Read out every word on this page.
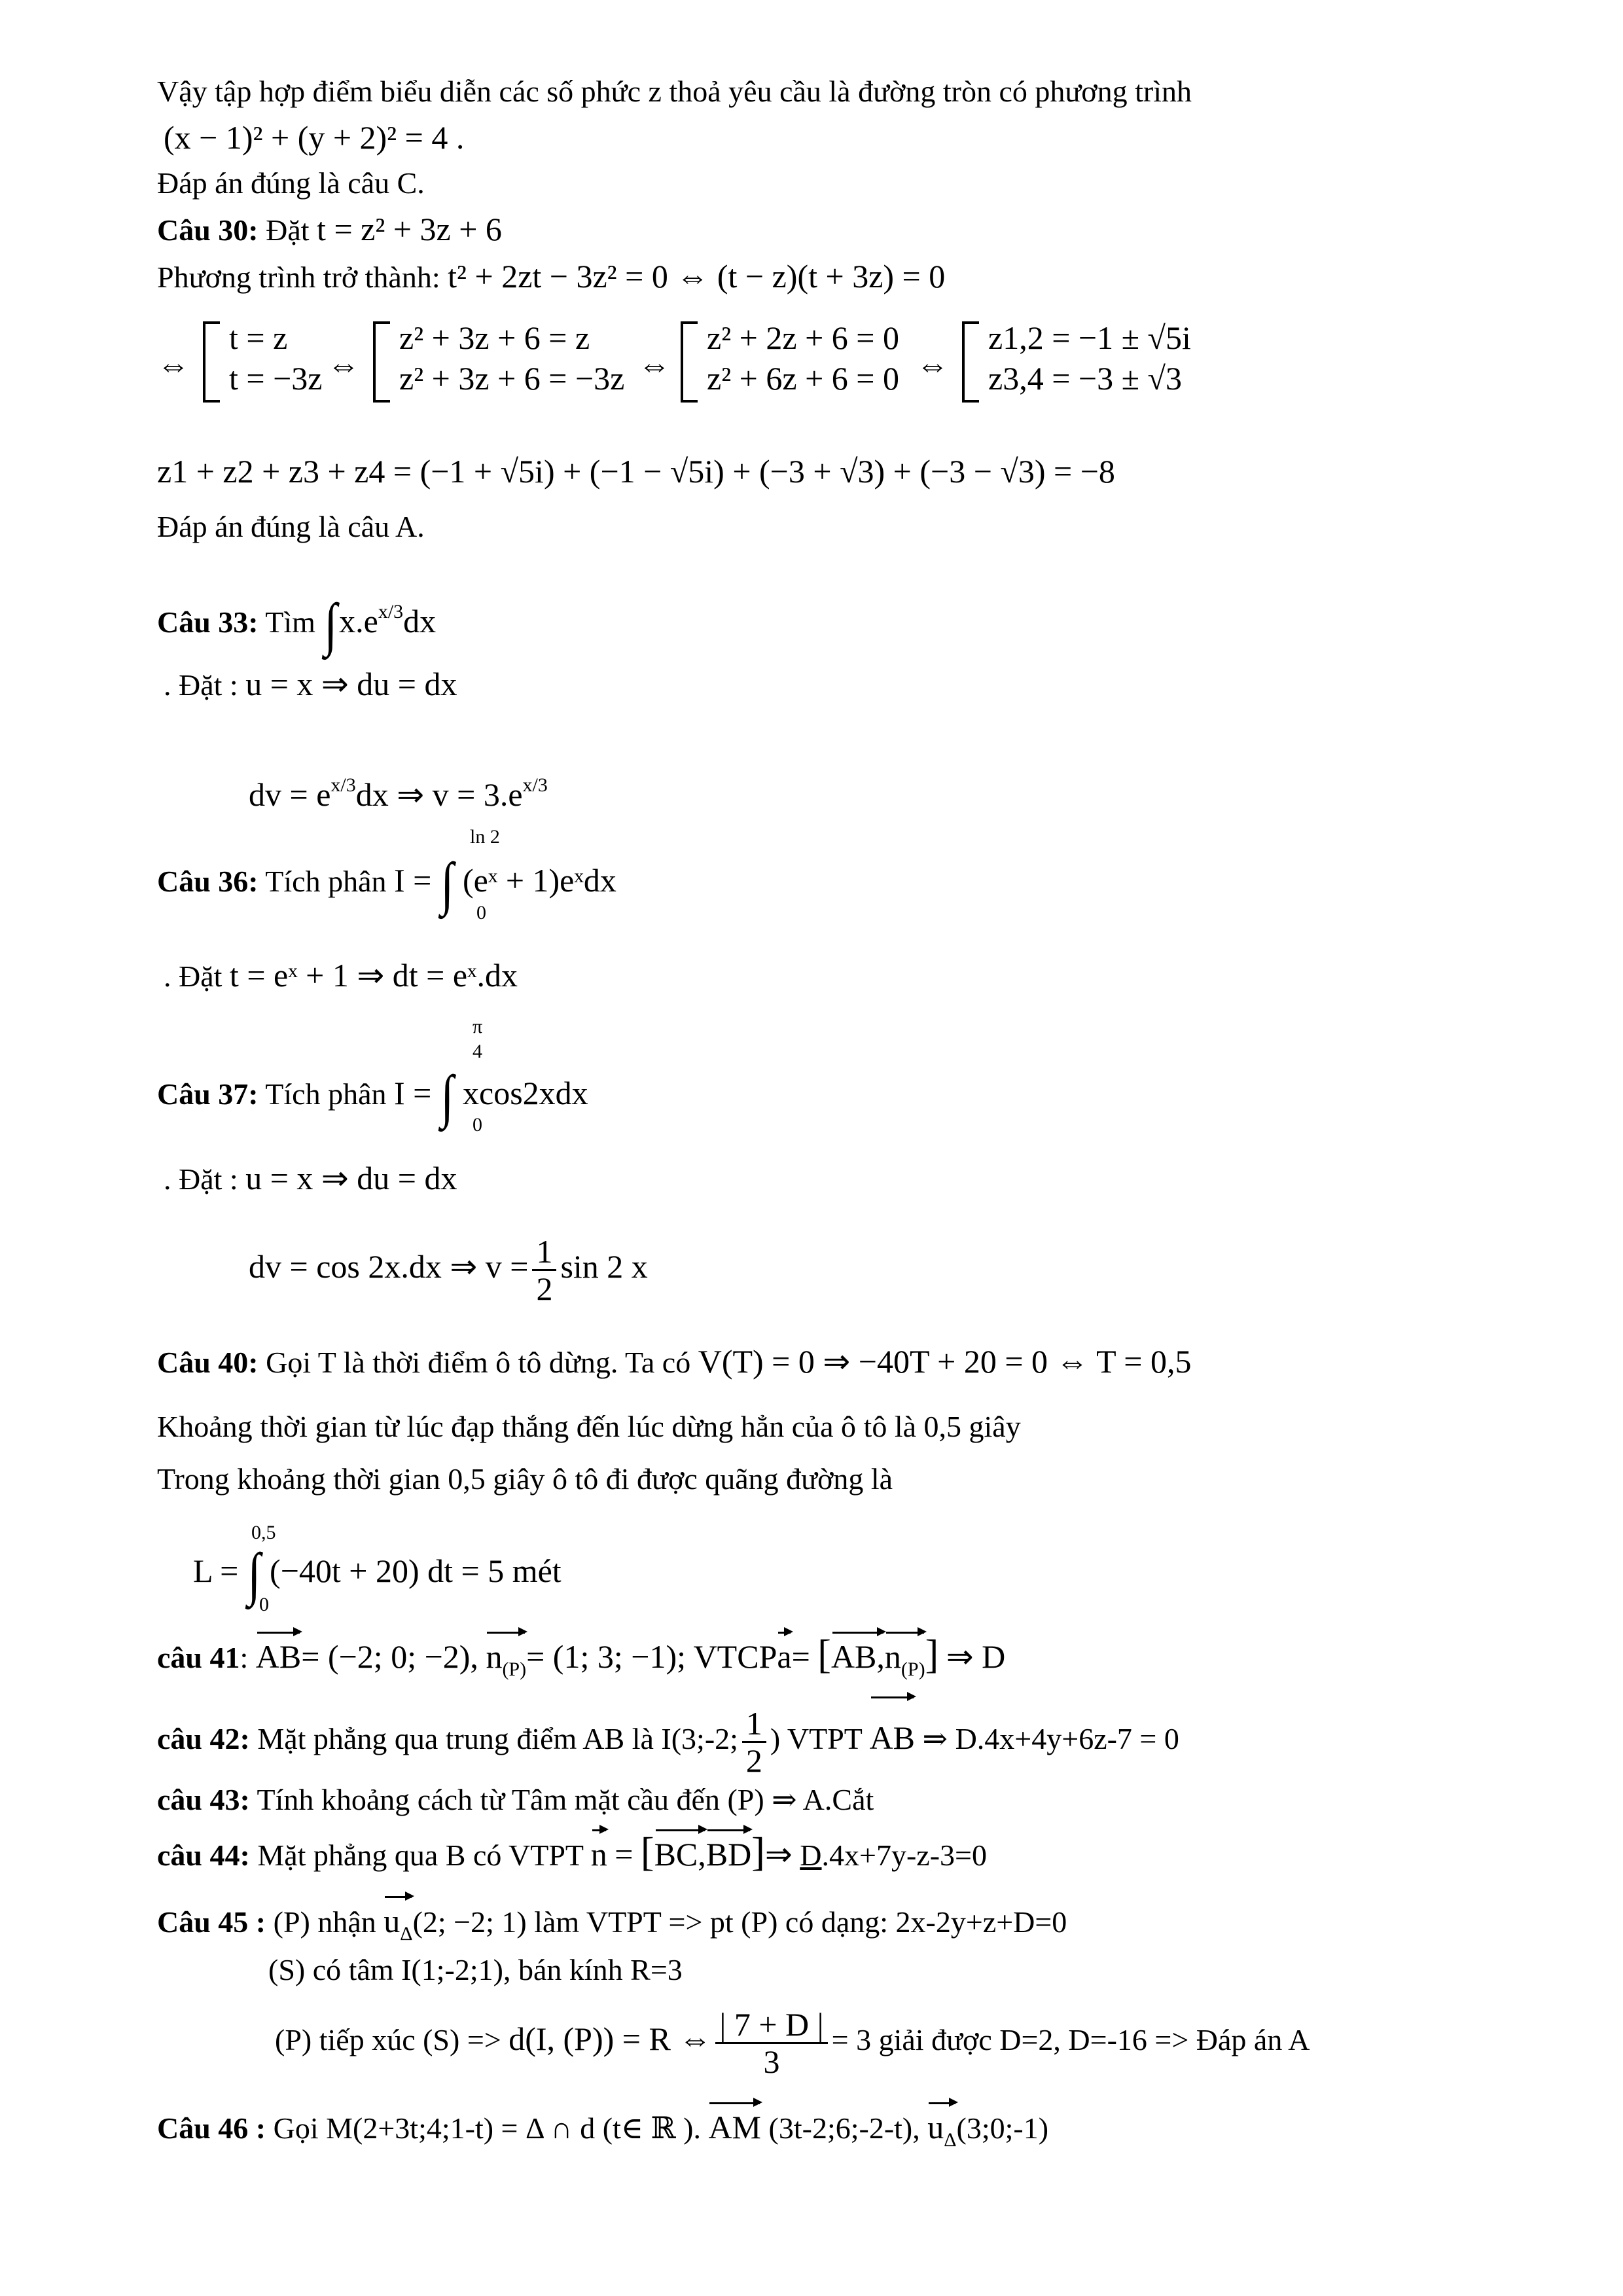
Vậy tập hợp điểm biểu diễn các số phức z thoả yêu cầu là đường tròn có phương trình
(x − 1)² + (y + 2)² = 4 .
Đáp án đúng là câu C.
Câu 30: Đặt t = z² + 3z + 6
Phương trình trở thành: t² + 2zt − 3z² = 0 ⇔ (t − z)(t + 3z) = 0
⇔
t = z
t = −3z ⇔
z² + 3z + 6 = z
z² + 3z + 6 = −3z ⇔
z² + 2z + 6 = 0
z² + 6z + 6 = 0 ⇔
z1,2 = −1 ± √5i
z3,4 = −3 ± √3
z1 + z2 + z3 + z4 = (−1 + √5i) + (−1 − √5i) + (−3 + √3) + (−3 − √3) = −8
Đáp án đúng là câu A.
Câu 33: Tìm $\int x.e^{x/3}dx$
. Đặt : u = x ⇒ du = dx
dv = $e^{x/3}dx$ ⇒ $v = 3.e^{x/3}$
ln 2
Câu 36: Tích phân I = ∫ (eˣ + 1)eˣdx
0
. Đặt t = eˣ + 1 ⇒ dt = eˣ.dx
π
4
Câu 37: Tích phân I = ∫ xcos2xdx
0
. Đặt : u = x ⇒ du = dx
dv = cos 2x.dx ⇒ $v = \frac{1}{2}$ sin 2 x
Câu 40: Gọi T là thời điểm ô tô dừng. Ta có V(T) = 0 ⇒ −40T + 20 = 0 ⇔ T = 0,5
Khoảng thời gian từ lúc đạp thắng đến lúc dừng hẳn của ô tô là 0,5 giây
Trong khoảng thời gian 0,5 giây ô tô đi được quãng đường là
0,5
L = ∫ (−40t + 20) dt = 5 mét
0
câu 41: AB= (−2; 0; −2), $n_{(P)}= (1$; 3; −1); VTCPa= $[AB,n_{(P)}]$ ⇒ D
câu 42: Mặt phẳng qua trung điểm AB là I(3;-2; $\frac{1}{2}$ ) VTPT AB ⇒ D.4x+4y+6z-7 = 0
câu 43: Tính khoảng cách từ Tâm mặt cầu đến (P) ⇒ A.Cắt
câu 44: Mặt phẳng qua B có VTPT n = [BC,BD]⇒ D.4x+7y-z-3=0
Câu 45 : (P) nhận $u_\Delta(2$; −2; 1) làm VTPT => pt (P) có dạng: 2x-2y+z+D=0
(S) có tâm I(1;-2;1), bán kính R=3
(P) tiếp xúc (S) => d(I, (P)) = R ⇔ $\frac{| 7 + D |}{3} = 3$ giải được D=2, D=-16 => Đáp án A
Câu 46 : Gọi M(2+3t;4;1-t) = Δ ∩ d (t∈ ℝ ). AM (3t-2;6;-2-t), $u_\Delta(3;0;-1)$
